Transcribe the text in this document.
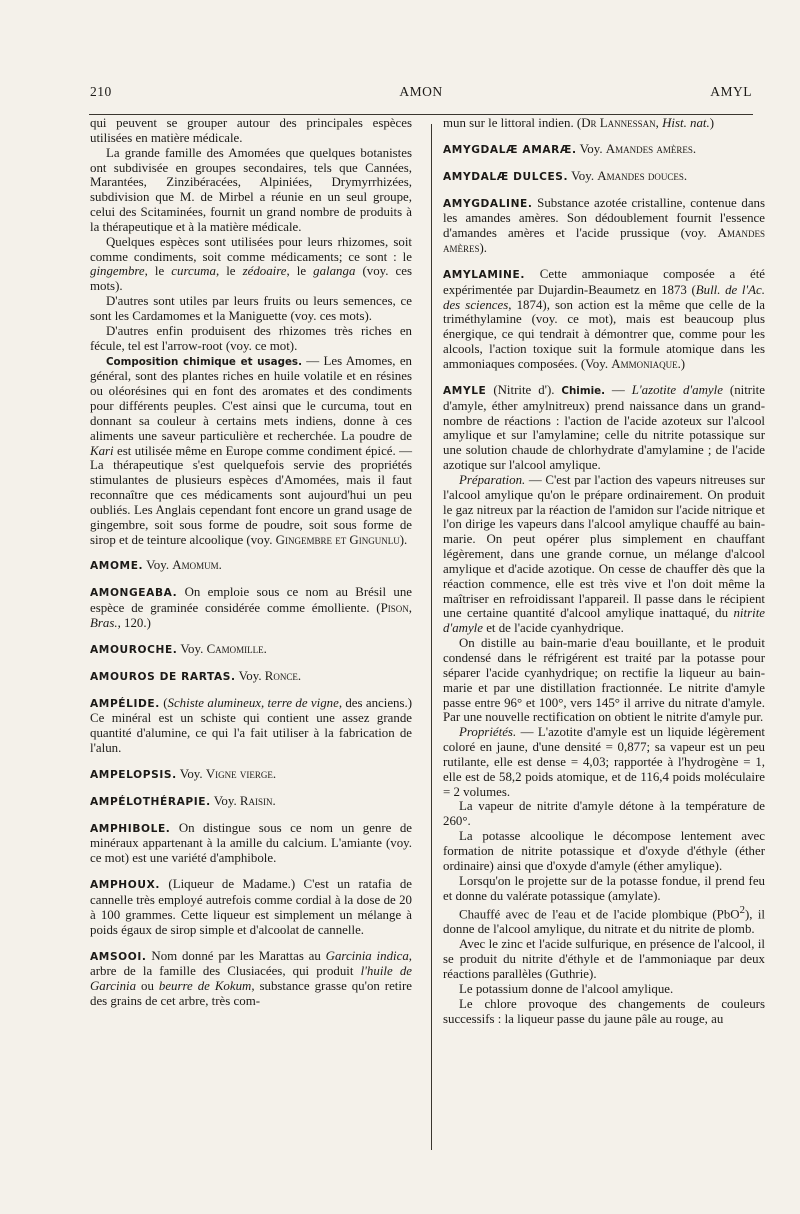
210	AMON	AMYL

qui peuvent se grouper autour des principales espèces utilisées en matière médicale.

La grande famille des Amomées que quelques botanistes ont subdivisée en groupes secondaires, tels que Cannées, Marantées, Zinzibéracées, Alpiniées, Drymyrrhizées, subdivision que M. de Mirbel a réunie en un seul groupe, celui des Scitaminées, fournit un grand nombre de produits à la thérapeutique et à la matière médicale.

Quelques espèces sont utilisées pour leurs rhizomes, soit comme condiments, soit comme médicaments; ce sont : le gingembre, le curcuma, le zédoaire, le galanga (voy. ces mots).

D'autres sont utiles par leurs fruits ou leurs semences, ce sont les Cardamomes et la Maniguette (voy. ces mots).

D'autres enfin produisent des rhizomes très riches en fécule, tel est l'arrow-root (voy. ce mot).

Composition chimique et usages. — Les Amomes, en général, sont des plantes riches en huile volatile et en résines ou oléorésines qui en font des aromates et des condiments pour différents peuples. C'est ainsi que le curcuma, tout en donnant sa couleur à certains mets indiens, donne à ces aliments une saveur particulière et recherchée. La poudre de Kari est utilisée même en Europe comme condiment épicé. — La thérapeutique s'est quelquefois servie des propriétés stimulantes de plusieurs espèces d'Amomées, mais il faut reconnaître que ces médicaments sont aujourd'hui un peu oubliés. Les Anglais cependant font encore un grand usage de gingembre, soit sous forme de poudre, soit sous forme de sirop et de teinture alcoolique (voy. Gingembre et Gingunlu).

AMOME. Voy. Amomum.

AMONGEABA. On emploie sous ce nom au Brésil une espèce de graminée considérée comme émolliente. (Pison, Bras., 120.)

AMOUROCHE. Voy. Camomille.

AMOUROS DE RARTAS. Voy. Ronce.

AMPÉLIDE. (Schiste alumineux, terre de vigne, des anciens.) Ce minéral est un schiste qui contient une assez grande quantité d'alumine, ce qui l'a fait utiliser à la fabrication de l'alun.

AMPELOPSIS. Voy. Vigne vierge.

AMPÉLOTHÉRAPIE. Voy. Raisin.

AMPHIBOLE. On distingue sous ce nom un genre de minéraux appartenant à la amille du calcium. L'amiante (voy. ce mot) est une variété d'amphibole.

AMPHOUX. (Liqueur de Madame.) C'est un ratafia de cannelle très employé autrefois comme cordial à la dose de 20 à 100 grammes. Cette liqueur est simplement un mélange à poids égaux de sirop simple et d'alcoolat de cannelle.

AMSOOI. Nom donné par les Marattas au Garcinia indica, arbre de la famille des Clusiacées, qui produit l'huile de Garcinia ou beurre de Kokum, substance grasse qu'on retire des grains de cet arbre, très com-

mun sur le littoral indien. (Dr Lannessan, Hist. nat.)

AMYGDALÆ AMARÆ. Voy. Amandes amères.

AMYDALÆ DULCES. Voy. Amandes douces.

AMYGDALINE. Substance azotée cristalline, contenue dans les amandes amères. Son dédoublement fournit l'essence d'amandes amères et l'acide prussique (voy. Amandes amères).

AMYLAMINE. Cette ammoniaque composée a été expérimentée par Dujardin-Beaumetz en 1873 (Bull. de l'Ac. des sciences, 1874), son action est la même que celle de la triméthylamine (voy. ce mot), mais est beaucoup plus énergique, ce qui tendrait à démontrer que, comme pour les alcools, l'action toxique suit la formule atomique dans les ammoniaques composées. (Voy. Ammoniaque.)

AMYLE (Nitrite d'). Chimie. — L'azotite d'amyle (nitrite d'amyle, éther amylnitreux) prend naissance dans un grand-nombre de réactions : l'action de l'acide azoteux sur l'alcool amylique et sur l'amylamine; celle du nitrite potassique sur une solution chaude de chlorhydrate d'amylamine ; de l'acide azotique sur l'alcool amylique.

Préparation. — C'est par l'action des vapeurs nitreuses sur l'alcool amylique qu'on le prépare ordinairement. On produit le gaz nitreux par la réaction de l'amidon sur l'acide nitrique et l'on dirige les vapeurs dans l'alcool amylique chauffé au bain-marie. On peut opérer plus simplement en chauffant légèrement, dans une grande cornue, un mélange d'alcool amylique et d'acide azotique. On cesse de chauffer dès que la réaction commence, elle est très vive et l'on doit même la maîtriser en refroidissant l'appareil. Il passe dans le récipient une certaine quantité d'alcool amylique inattaqué, du nitrite d'amyle et de l'acide cyanhydrique.

On distille au bain-marie d'eau bouillante, et le produit condensé dans le réfrigérent est traité par la potasse pour séparer l'acide cyanhydrique; on rectifie la liqueur au bain-marie et par une distillation fractionnée. Le nitrite d'amyle passe entre 96° et 100°, vers 145° il arrive du nitrate d'amyle. Par une nouvelle rectification on obtient le nitrite d'amyle pur.

Propriétés. — L'azotite d'amyle est un liquide légèrement coloré en jaune, d'une densité = 0,877; sa vapeur est un peu rutilante, elle est dense = 4,03; rapportée à l'hydrogène = 1, elle est de 58,2 poids atomique, et de 116,4 poids moléculaire = 2 volumes.

La vapeur de nitrite d'amyle détone à la température de 260°.

La potasse alcoolique le décompose lentement avec formation de nitrite potassique et d'oxyde d'éthyle (éther ordinaire) ainsi que d'oxyde d'amyle (éther amylique).

Lorsqu'on le projette sur de la potasse fondue, il prend feu et donne du valérate potassique (amylate).

Chauffé avec de l'eau et de l'acide plombique (PbO$^2$), il donne de l'alcool amylique, du nitrate et du nitrite de plomb.

Avec le zinc et l'acide sulfurique, en présence de l'alcool, il se produit du nitrite d'éthyle et de l'ammoniaque par deux réactions parallèles (Guthrie).

Le potassium donne de l'alcool amylique.

Le chlore provoque des changements de couleurs successifs : la liqueur passe du jaune pâle au rouge, au
